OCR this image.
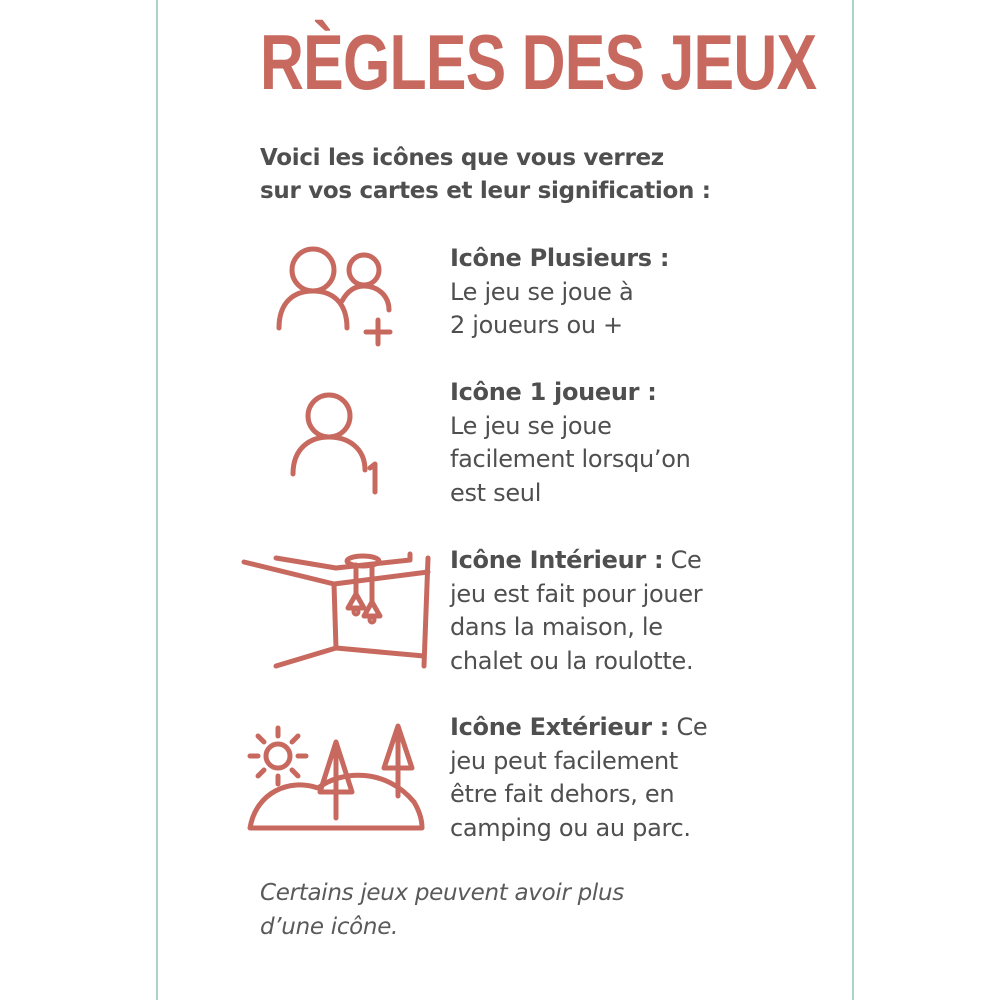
RÈGLES DES JEUX

Voici les icônes que vous verrez
sur vos cartes et leur signification :

Icône Plusieurs :
Le jeu se joue à
2 joueurs ou +
Icône 1 joueur :
Le jeu se joue
facilement lorsqu’on
est seul
Icône Intérieur : Ce
jeu est fait pour jouer
dans la maison, le
chalet ou la roulotte.
Icône Extérieur : Ce
jeu peut facilement
être fait dehors, en
camping ou au parc.

Certains jeux peuvent avoir plus
d’une icône.
